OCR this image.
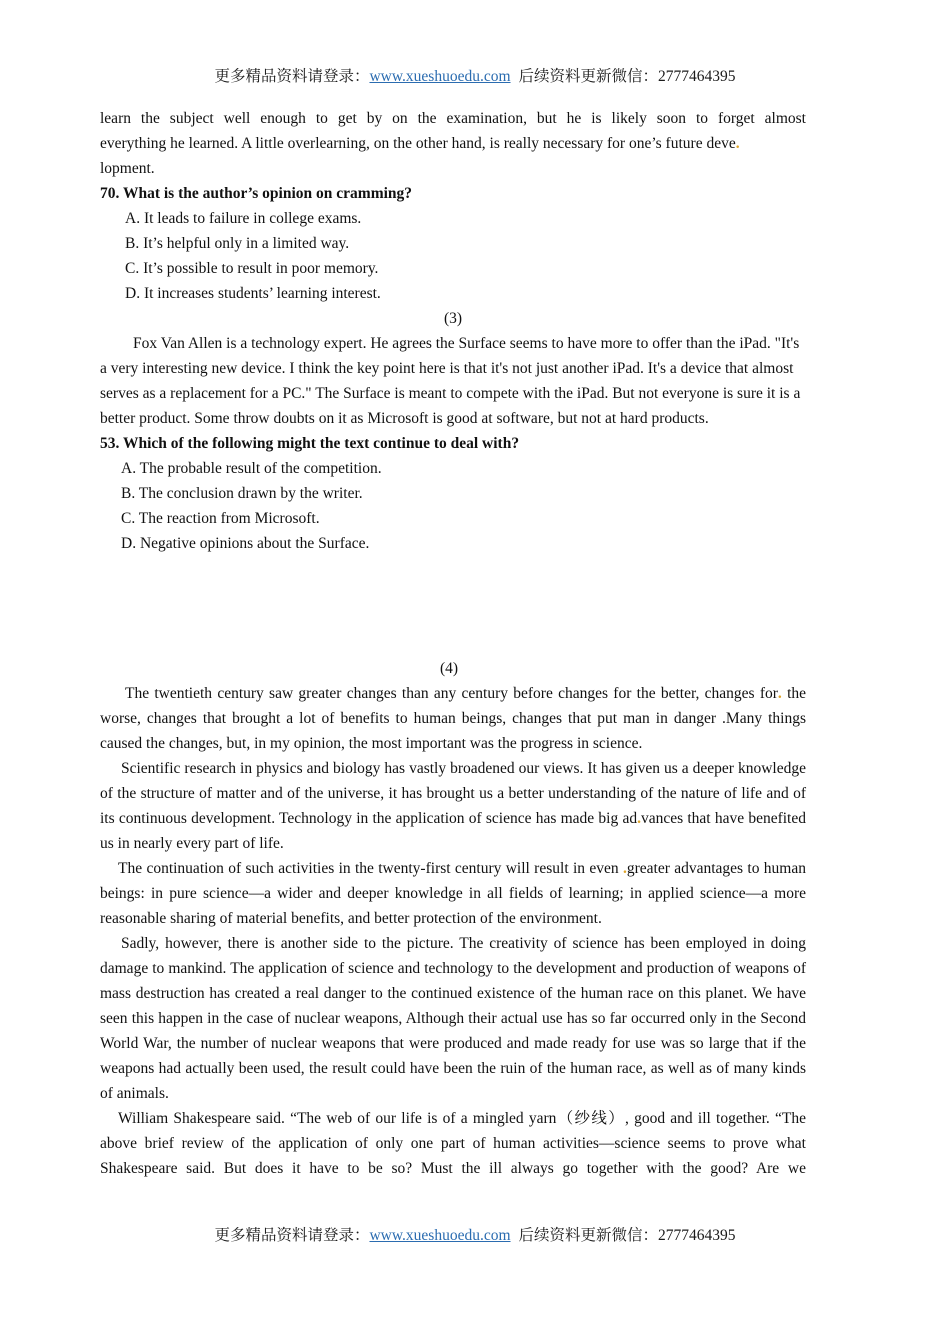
更多精品资料请登录：www.xueshuoedu.com 后续资料更新微信：2777464395

learn the subject well enough to get by on the examination, but he is likely soon to forget almost

everything he learned. A little overlearning, on the other hand, is really necessary for one’s future deve.

lopment.

70. What is the author’s opinion on cramming?

A. It leads to failure in college exams.

B. It’s helpful only in a limited way.

C. It’s possible to result in poor memory.

D. It increases students’ learning interest.

(3)

Fox Van Allen is a technology expert. He agrees the Surface seems to have more to offer than the iPad. "It's a very interesting new device. I think the key point here is that it's not just another iPad. It's a device that almost serves as a replacement for a PC." The Surface is meant to compete with the iPad. But not everyone is sure it is a better product. Some throw doubts on it as Microsoft is good at software, but not at hard products.

53. Which of the following might the text continue to deal with?

A. The probable result of the competition.

B. The conclusion drawn by the writer.

C. The reaction from Microsoft.

D. Negative opinions about the Surface.

(4)

The twentieth century saw greater changes than any century before changes for the better, changes for. the worse, changes that brought a lot of benefits to human beings, changes that put man in danger .Many things caused the changes, but, in my opinion, the most important was the progress in science.

Scientific research in physics and biology has vastly broadened our views. It has given us a deeper knowledge of the structure of matter and of the universe, it has brought us a better understanding of the nature of life and of its continuous development. Technology in the application of science has made big ad.vances that have benefited us in nearly every part of life.

The continuation of such activities in the twenty-first century will result in even .greater advantages to human beings: in pure science—a wider and deeper knowledge in all fields of learning; in applied science—a more reasonable sharing of material benefits, and better protection of the environment.

Sadly, however, there is another side to the picture. The creativity of science has been employed in doing damage to mankind. The application of science and technology to the development and production of weapons of mass destruction has created a real danger to the continued existence of the human race on this planet. We have seen this happen in the case of nuclear weapons, Although their actual use has so far occurred only in the Second World War, the number of nuclear weapons that were produced and made ready for use was so large that if the weapons had actually been used, the result could have been the ruin of the human race, as well as of many kinds of animals.

William Shakespeare said. “The web of our life is of a mingled yarn（纱线）, good and ill together. “The above brief review of the application of only one part of human activities—science seems to prove what Shakespeare said. But does it have to be so? Must the ill always go together with the good? Are we

更多精品资料请登录：www.xueshuoedu.com 后续资料更新微信：2777464395
